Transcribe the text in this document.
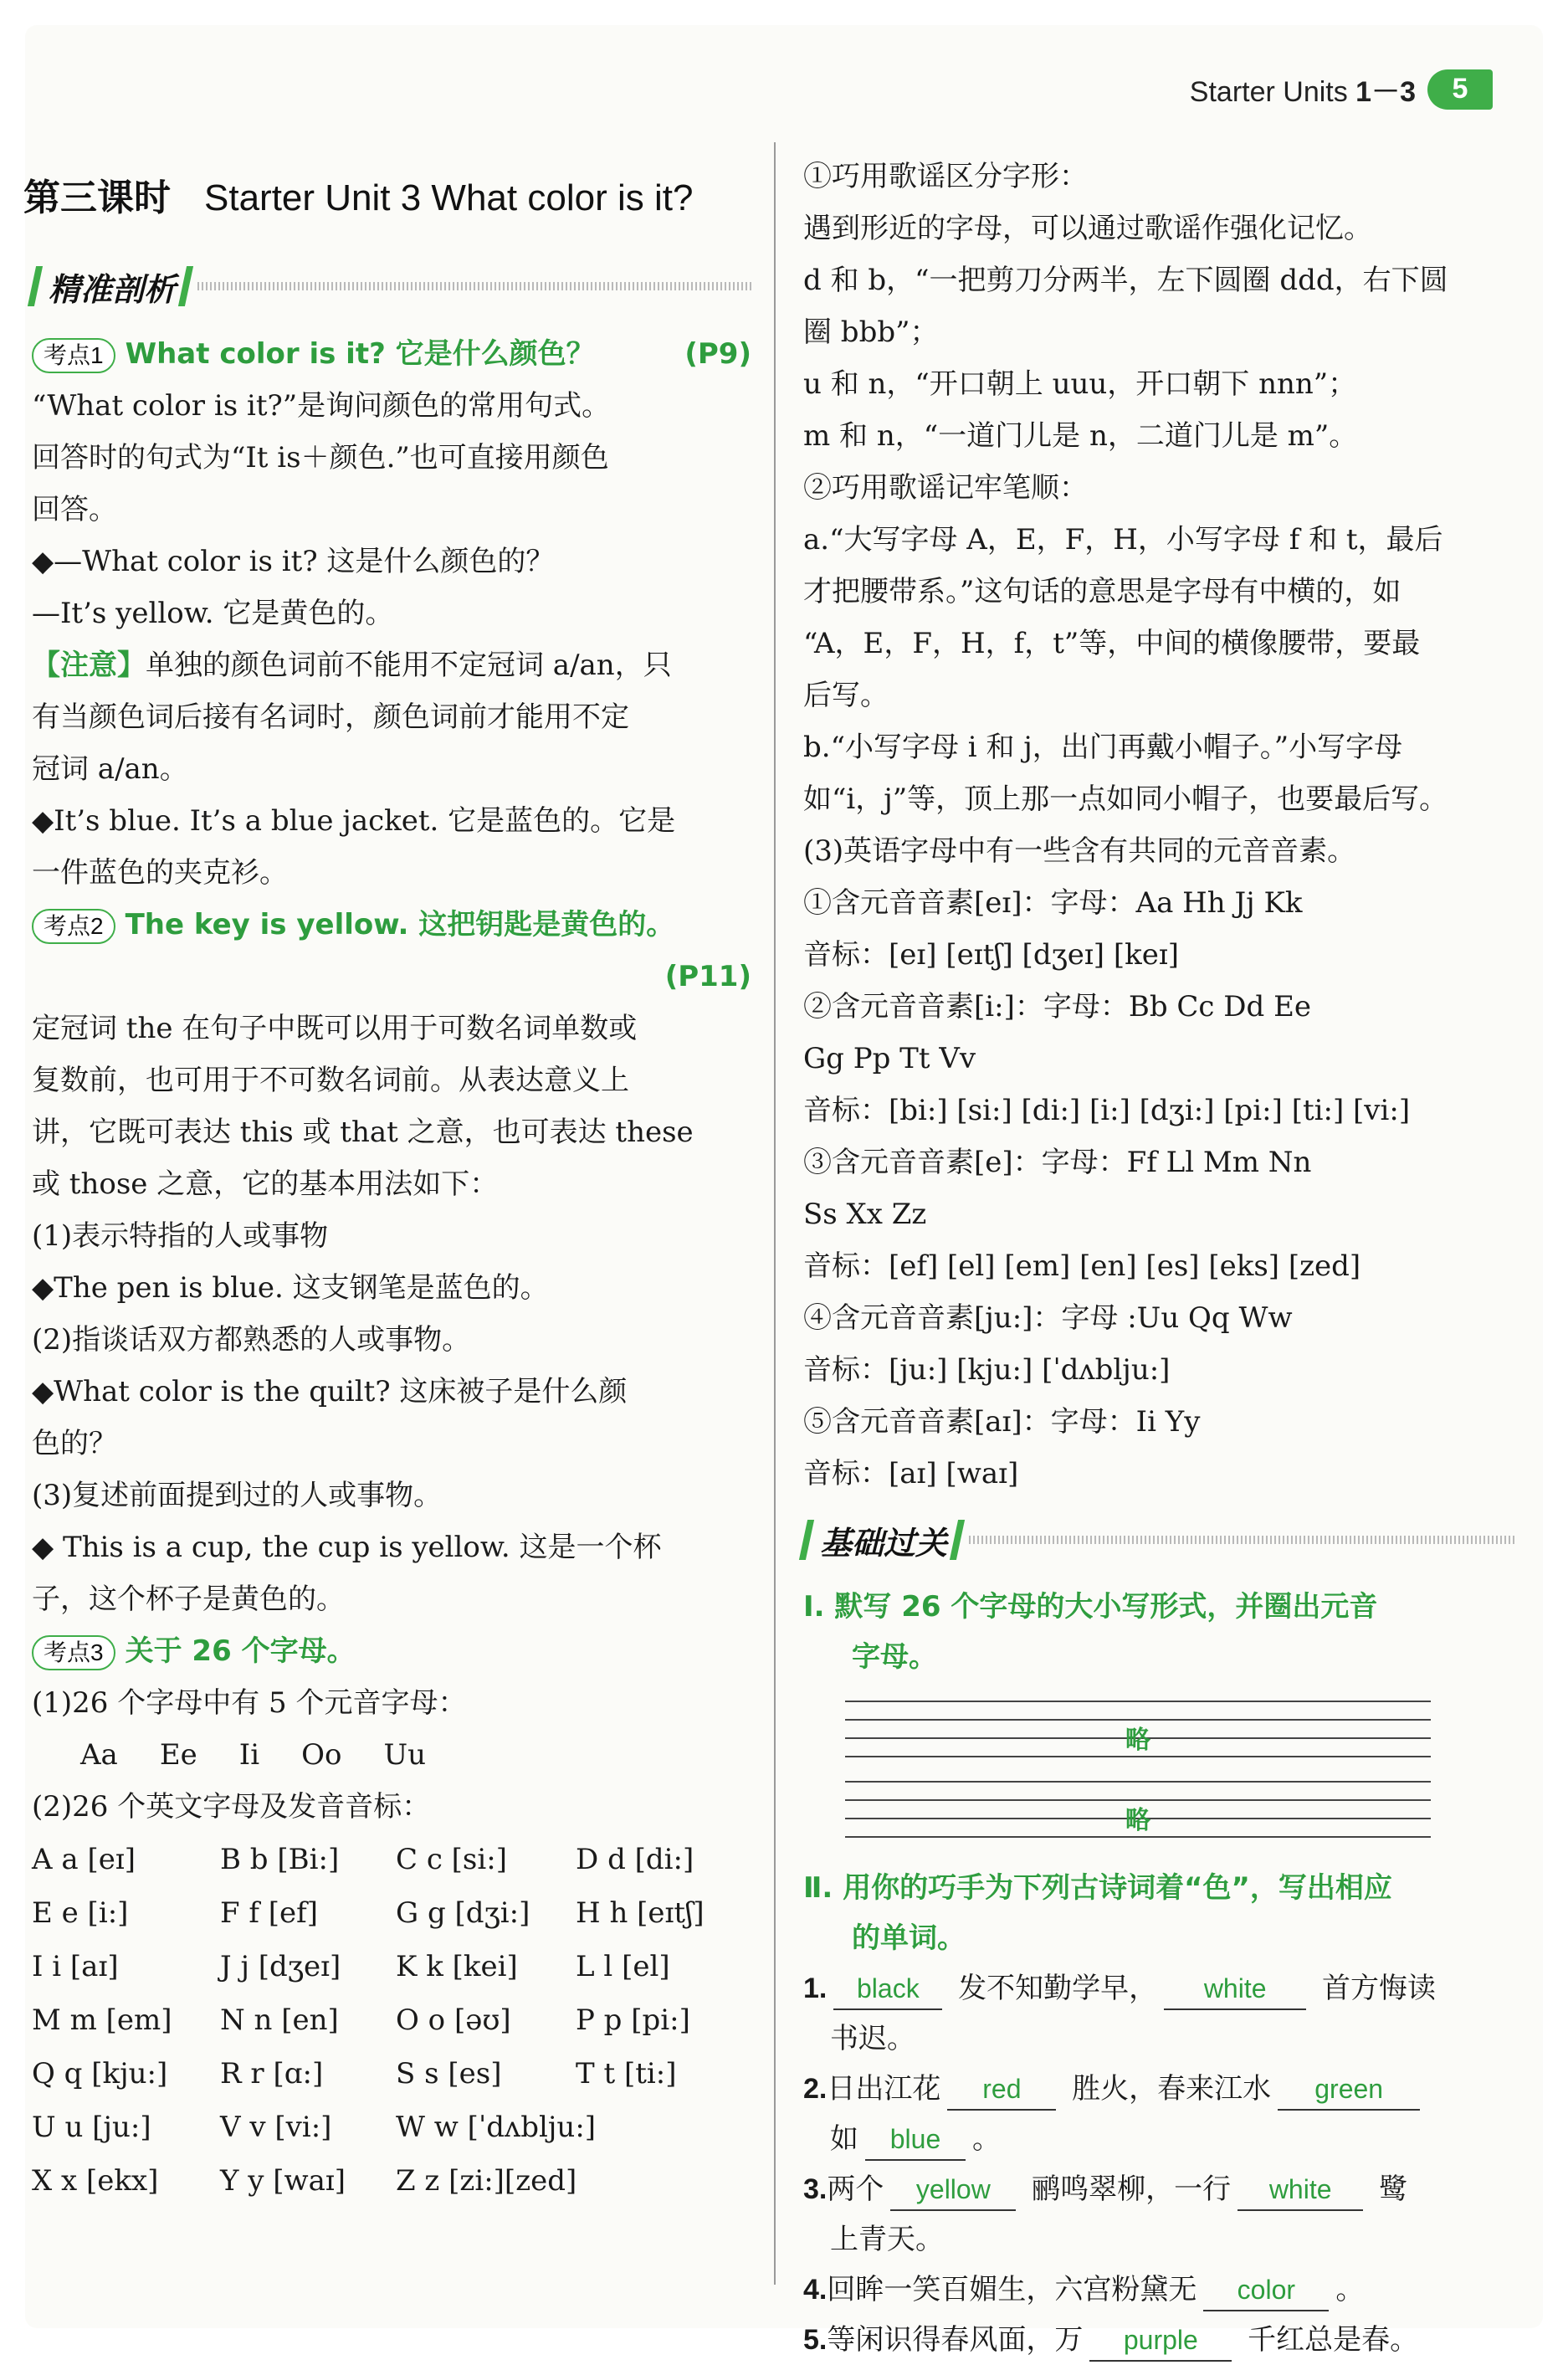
Starter Units 1－3	5
第三课时 Starter Unit 3 What color is it?
精准剖析

考点1 What color is it? 它是什么颜色？	(P9)

“What color is it?”是询问颜色的常用句式。

回答时的句式为“It is＋颜色.”也可直接用颜色

回答。

◆—What color is it? 这是什么颜色的？

—It’s yellow. 它是黄色的。

【注意】单独的颜色词前不能用不定冠词 a/an，只

有当颜色词后接有名词时，颜色词前才能用不定

冠词 a/an。

◆It’s blue. It’s a blue jacket. 它是蓝色的。它是

一件蓝色的夹克衫。

考点2 The key is yellow. 这把钥匙是黄色的。

(P11)

定冠词 the 在句子中既可以用于可数名词单数或

复数前，也可用于不可数名词前。从表达意义上

讲，它既可表达 this 或 that 之意，也可表达 these

或 those 之意，它的基本用法如下：

(1)表示特指的人或事物

◆The pen is blue. 这支钢笔是蓝色的。

(2)指谈话双方都熟悉的人或事物。

◆What color is the quilt? 这床被子是什么颜

色的？

(3)复述前面提到过的人或事物。

◆ This is a cup, the cup is yellow. 这是一个杯

子，这个杯子是黄色的。

考点3 关于 26 个字母。

(1)26 个字母中有 5 个元音字母：

Aa Ee Ii Oo Uu

(2)26 个英文字母及发音音标：

A a [eɪ]	B b [Bi:]	C c [si:]	D d [di:]
E e [i:]	F f [ef]	G g [dʒi:]	H h [eɪtʃ]
I i [aɪ]	J j [dʒeɪ]	K k [kei]	L l [el]
M m [em]	N n [en]	O o [əʊ]	P p [pi:]
Q q [kju:]	R r [ɑ:]	S s [es]	T t [ti:]
U u [ju:]	V v [vi:]	W w [ˈdʌblju:]
X x [ekx]	Y y [waɪ]	Z z [zi:][zed]

①巧用歌谣区分字形：

遇到形近的字母，可以通过歌谣作强化记忆。

d 和 b，“一把剪刀分两半，左下圆圈 ddd，右下圆

圈 bbb”；

u 和 n，“开口朝上 uuu，开口朝下 nnn”；

m 和 n，“一道门儿是 n，二道门儿是 m”。

②巧用歌谣记牢笔顺：

a.“大写字母 A，E，F，H，小写字母 f 和 t，最后

才把腰带系。”这句话的意思是字母有中横的，如

“A，E，F，H，f，t”等，中间的横像腰带，要最

后写。

b.“小写字母 i 和 j，出门再戴小帽子。”小写字母

如“i，j”等，顶上那一点如同小帽子，也要最后写。

(3)英语字母中有一些含有共同的元音音素。

①含元音音素[eɪ]：字母：Aa Hh Jj Kk

音标：[eɪ] [eɪtʃ] [dʒeɪ] [keɪ]

②含元音音素[i:]：字母：Bb Cc Dd Ee

Gg Pp Tt Vv

音标：[bi:] [si:] [di:] [i:] [dʒi:] [pi:] [ti:] [vi:]

③含元音音素[e]：字母：Ff Ll Mm Nn

Ss Xx Zz

音标：[ef] [el] [em] [en] [es] [eks] [zed]

④含元音音素[ju:]：字母 :Uu Qq Ww

音标：[ju:] [kju:] [ˈdʌblju:]

⑤含元音音素[aɪ]：字母：Ii Yy

音标：[aɪ] [waɪ]

基础过关
Ⅰ. 默写 26 个字母的大小写形式，并圈出元音
字母。
略
略
Ⅱ. 用你的巧手为下列古诗词着“色”，写出相应
的单词。
1. black 发不知勤学早， white 首方悔读
书迟。
2.日出江花 red 胜火，春来江水 green
如 blue 。
3.两个 yellow 鹂鸣翠柳，一行 white 鹭
上青天。
4.回眸一笑百媚生，六宫粉黛无 color 。
5.等闲识得春风面，万 purple 千红总是春。
